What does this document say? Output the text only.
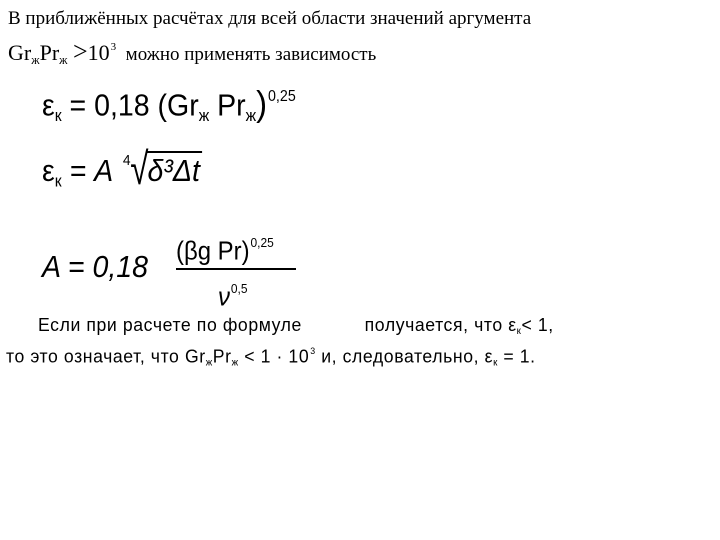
В приближённых расчётах для всей области значений аргумента
$Gr_жPr_ж >10^3$ можно применять зависимость
$\varepsilon_к = 0,18$ ($Gr_ж$ $Pr_ж)^{0,25}$
$\varepsilon_к = A$ 4 √δ³Δt
A = 0,18 (βg Pr)$^{0,25}$
$\nu^{0,5}$
Если при расчете по формуле	получается, что $\varepsilon_к< 1$,
то это означает, что $Gr_жPr_ж < 1 \cdot 10^3$ и, следовательно, $\varepsilon_к = 1$.
